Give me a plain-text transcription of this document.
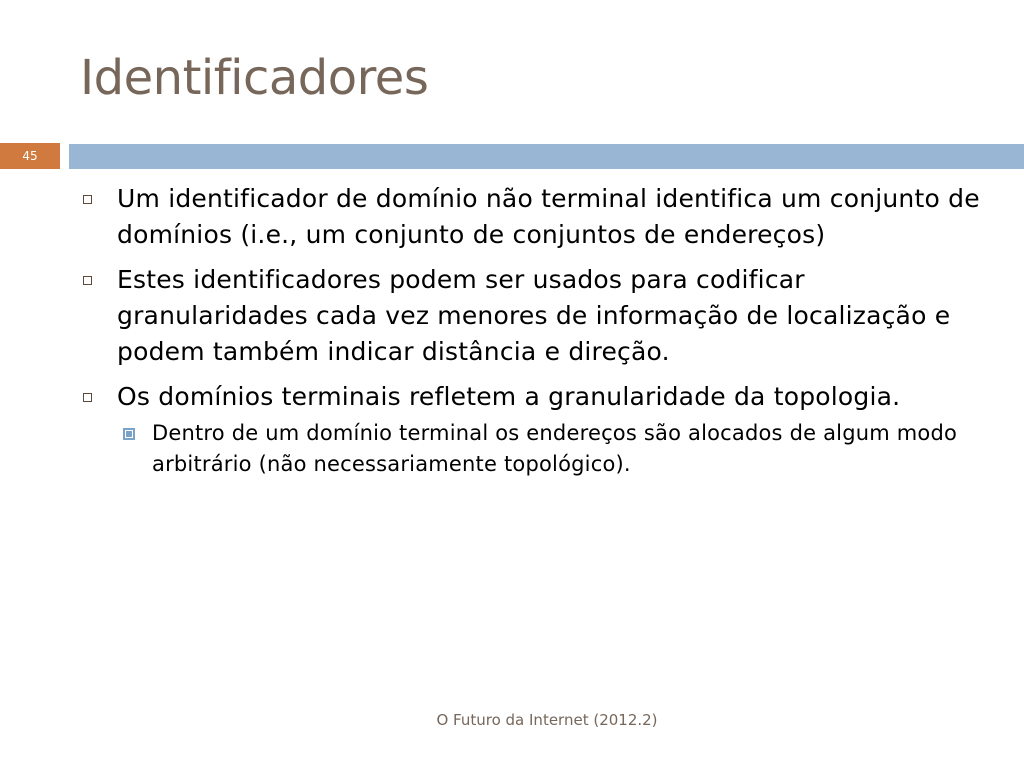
Identificadores
45
Um identificador de domínio não terminal identifica um conjunto de domínios (i.e., um conjunto de conjuntos de endereços)
Estes identificadores podem ser usados para codificar granularidades cada vez menores de informação de localização e podem também indicar distância e direção.
Os domínios terminais refletem a granularidade da topologia.
Dentro de um domínio terminal os endereços são alocados de algum modo arbitrário (não necessariamente topológico).
O Futuro da Internet (2012.2)
